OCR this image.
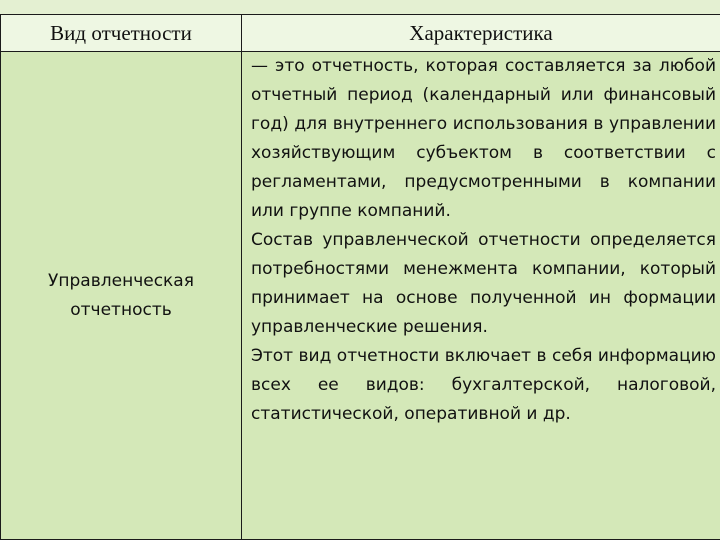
Вид отчетности	Характеристика
Управленческая отчетность	— это отчетность, которая составляется за любой отчетный период (календарный или финансовый год) для внутреннего использования в управлении хозяйствующим субъектом в соответствии с регламентами, предусмотренными в компании или группе компаний.

Состав управленческой отчетности определяется потребностями менежмента компании, который принимает на основе полученной ин формации управленческие решения.

Этот вид отчетности включает в себя информацию всех ее видов: бухгалтерской, налоговой, статистической, оперативной и др.
